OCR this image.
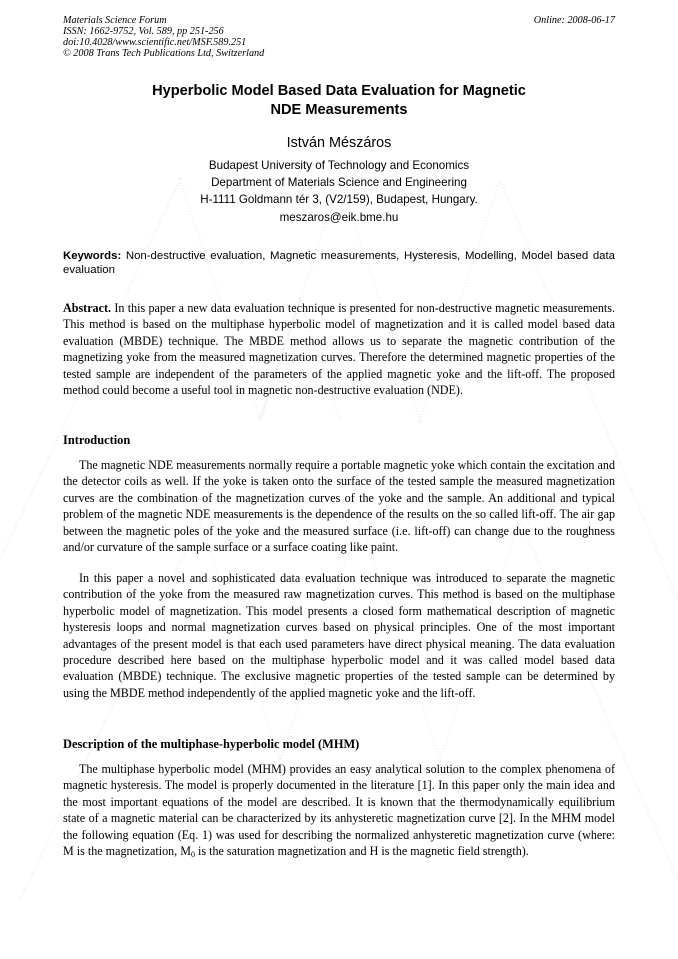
Materials Science Forum
ISSN: 1662-9752, Vol. 589, pp 251-256
doi:10.4028/www.scientific.net/MSF.589.251
© 2008 Trans Tech Publications Ltd, Switzerland
Online: 2008-06-17
Hyperbolic Model Based Data Evaluation for Magnetic
NDE Measurements
István Mészáros
Budapest University of Technology and Economics
Department of Materials Science and Engineering
H-1111 Goldmann tér 3, (V2/159), Budapest, Hungary.
meszaros@eik.bme.hu
Keywords: Non-destructive evaluation, Magnetic measurements, Hysteresis, Modelling, Model based data evaluation
Abstract. In this paper a new data evaluation technique is presented for non-destructive magnetic measurements. This method is based on the multiphase hyperbolic model of magnetization and it is called model based data evaluation (MBDE) technique. The MBDE method allows us to separate the magnetic contribution of the magnetizing yoke from the measured magnetization curves. Therefore the determined magnetic properties of the tested sample are independent of the parameters of the applied magnetic yoke and the lift-off. The proposed method could become a useful tool in magnetic non-destructive evaluation (NDE).
Introduction

The magnetic NDE measurements normally require a portable magnetic yoke which contain the excitation and the detector coils as well. If the yoke is taken onto the surface of the tested sample the measured magnetization curves are the combination of the magnetization curves of the yoke and the sample. An additional and typical problem of the magnetic NDE measurements is the dependence of the results on the so called lift-off. The air gap between the magnetic poles of the yoke and the measured surface (i.e. lift-off) can change due to the roughness and/or curvature of the sample surface or a surface coating like paint.

In this paper a novel and sophisticated data evaluation technique was introduced to separate the magnetic contribution of the yoke from the measured raw magnetization curves. This method is based on the multiphase hyperbolic model of magnetization. This model presents a closed form mathematical description of magnetic hysteresis loops and normal magnetization curves based on physical principles. One of the most important advantages of the present model is that each used parameters have direct physical meaning. The data evaluation procedure described here based on the multiphase hyperbolic model and it was called model based data evaluation (MBDE) technique. The exclusive magnetic properties of the tested sample can be determined by using the MBDE method independently of the applied magnetic yoke and the lift-off.

Description of the multiphase-hyperbolic model (MHM)

The multiphase hyperbolic model (MHM) provides an easy analytical solution to the complex phenomena of magnetic hysteresis. The model is properly documented in the literature [1]. In this paper only the main idea and the most important equations of the model are described. It is known that the thermodynamically equilibrium state of a magnetic material can be characterized by its anhysteretic magnetization curve [2]. In the MHM model the following equation (Eq. 1) was used for describing the normalized anhysteretic magnetization curve (where: M is the magnetization, $M_0$ is the saturation magnetization and H is the magnetic field strength).
